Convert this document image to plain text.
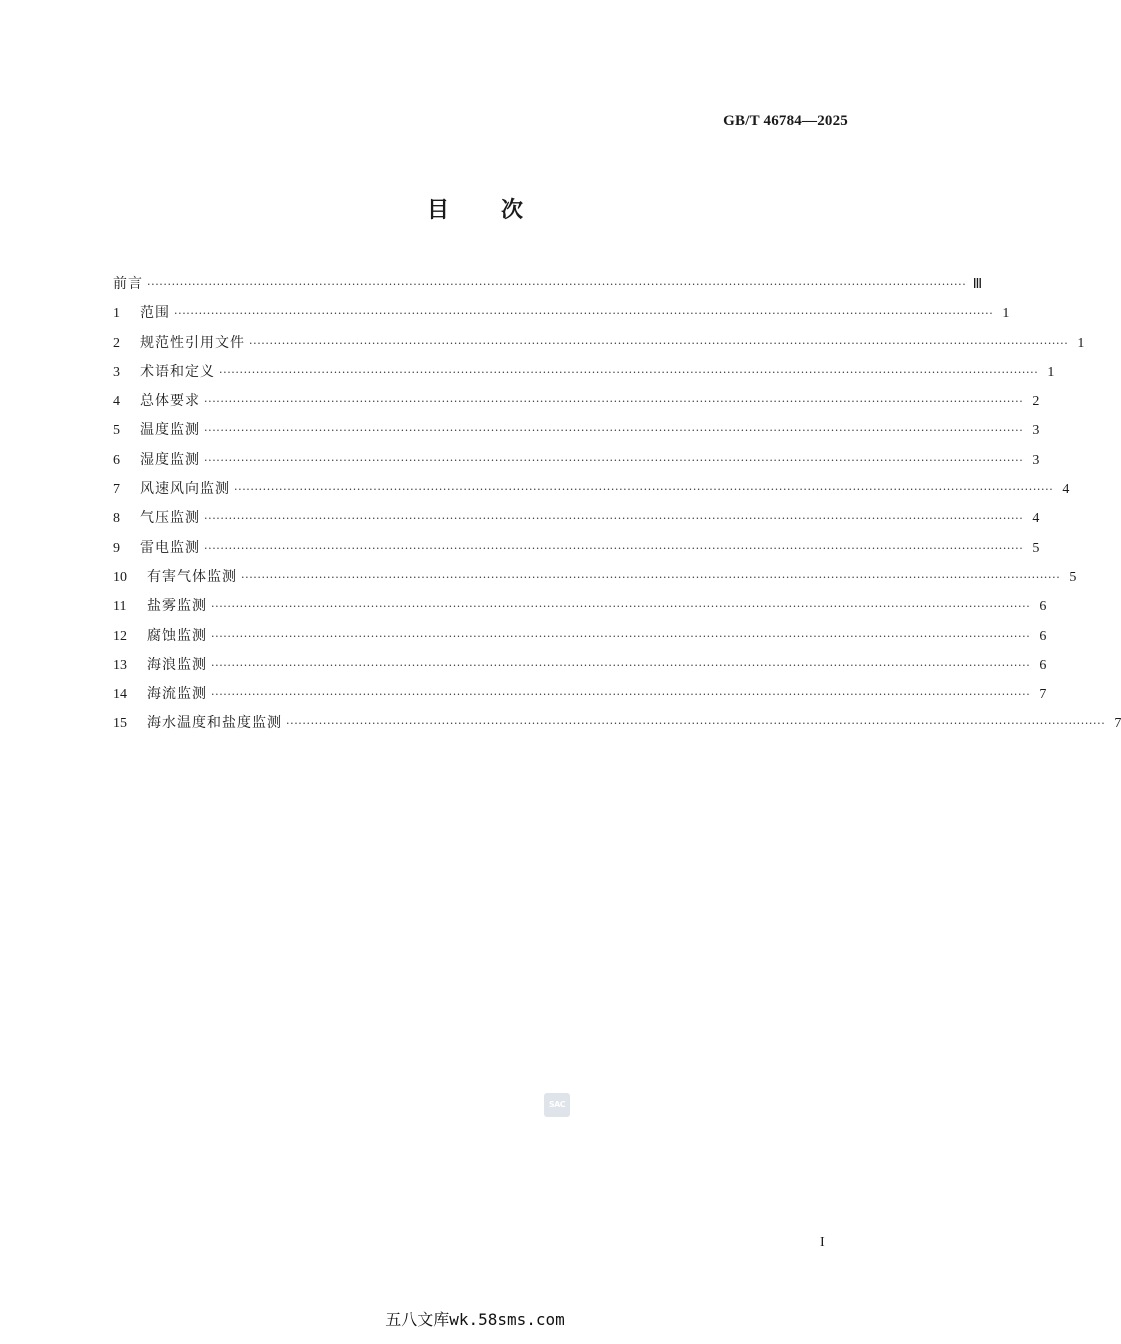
GB/T 46784—2025
目次
前言 ········································································································································································································ Ⅲ
1	范围 ········································································································································································································ 1
2	规范性引用文件 ········································································································································································································ 1
3	术语和定义 ········································································································································································································ 1
4	总体要求 ········································································································································································································ 2
5	温度监测 ········································································································································································································ 3
6	湿度监测 ········································································································································································································ 3
7	风速风向监测 ········································································································································································································ 4
8	气压监测 ········································································································································································································ 4
9	雷电监测 ········································································································································································································ 5
10	有害气体监测 ········································································································································································································ 5
11	盐雾监测 ········································································································································································································ 6
12	腐蚀监测 ········································································································································································································ 6
13	海浪监测 ········································································································································································································ 6
14	海流监测 ········································································································································································································ 7
15	海水温度和盐度监测 ········································································································································································································ 7
SAC
I
五八文库wk.58sms.com
